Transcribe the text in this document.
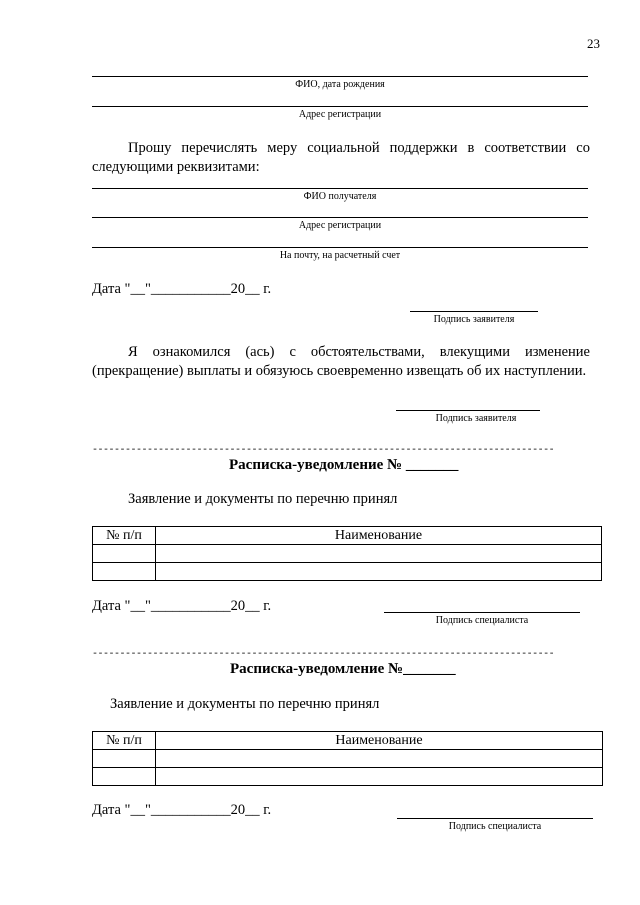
23
ФИО, дата рождения
Адрес регистрации
Прошу перечислять меру социальной поддержки в соответствии со следующими реквизитами:
ФИО получателя
Адрес регистрации
На почту, на расчетный счет
Дата "__"___________20__ г.
Подпись заявителя
Я ознакомился (ась) с обстоятельствами, влекущими изменение (прекращение) выплаты и обязуюсь своевременно извещать об их наступлении.
Подпись заявителя
------------------------------------------------------------------------------------
Расписка-уведомление № _______
Заявление и документы по перечню принял
№ п/п	Наименование

Дата "__"___________20__ г.
Подпись специалиста
------------------------------------------------------------------------------------
Расписка-уведомление №_______
Заявление и документы по перечню принял
№ п/п	Наименование

Дата "__"___________20__ г.
Подпись специалиста
